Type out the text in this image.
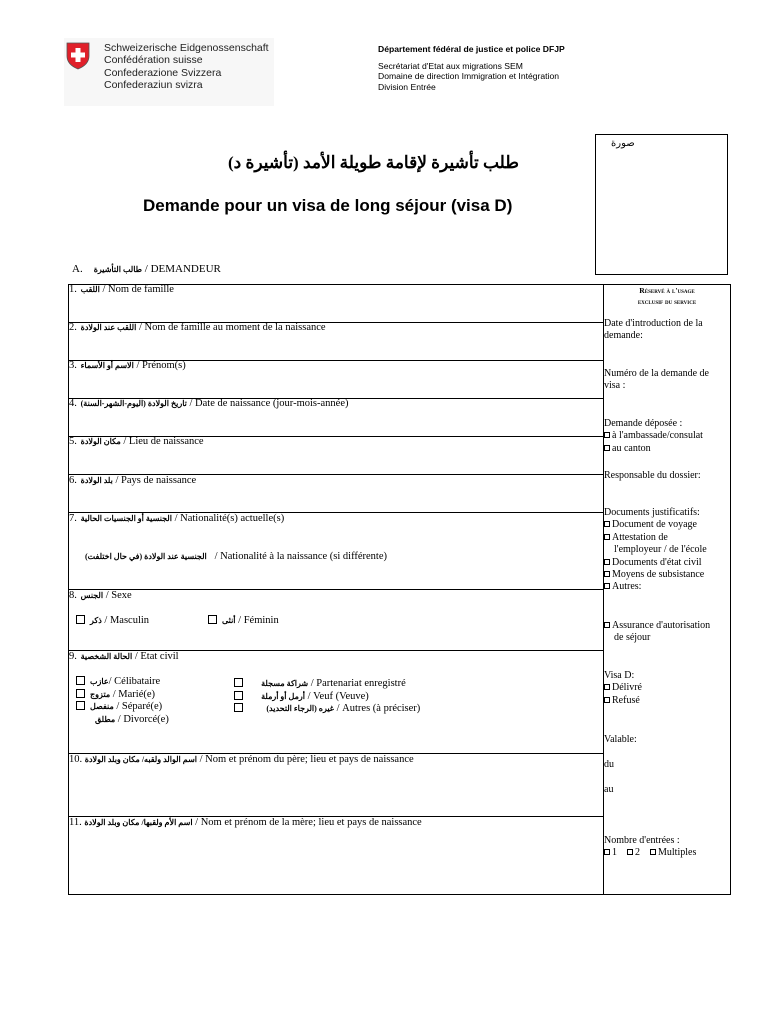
Schweizerische Eidgenossenschaft
Confédération suisse
Confederazione Svizzera
Confederaziun svizra
Département fédéral de justice et police DFJP
Secrétariat d'Etat aux migrations SEM
Domaine de direction Immigration et Intégration
Division Entrée
صورة
طلب تأشيرة لإقامة طويلة الأمد (تأشيرة د)
Demande pour un visa de long séjour (visa D)
A. طالب التأشيرة / DEMANDEUR
1. اللقب / Nom de famille
2. اللقب عند الولادة / Nom de famille au moment de la naissance
3. الاسم أو الأسماء / Prénom(s)
4. تاريخ الولادة (اليوم-الشهر-السنة) / Date de naissance (jour-mois-année)
5. مكان الولادة / Lieu de naissance
6. بلد الولادة / Pays de naissance
7. الجنسية أو الجنسيات الحالية / Nationalité(s) actuelle(s)
الجنسية عند الولادة (في حال اختلفت) / Nationalité à la naissance (si différente)
8. الجنس / Sexe
ذكر / Masculin	أنثى / Féminin
9. الحالة الشخصية / Etat civil
عازب/ Célibataire
متزوج / Marié(e)
منفصل / Séparé(e)
مطلق / Divorcé(e)
شراكة مسجلة / Partenariat enregistré
أرمل أو أرملة / Veuf (Veuve)
غيره (الرجاء التحديد) / Autres (à préciser)
10. اسم الوالد ولقبه/ مكان وبلد الولادة / Nom et prénom du père; lieu et pays de naissance
11. اسم الأم ولقبها/ مكان وبلد الولادة / Nom et prénom de la mère; lieu et pays de naissance
Réservé à l'usage
exclusif du service
Date d'introduction de la
demande:
Numéro de la demande de
visa :
Demande déposée :
à l'ambassade/consulat
au canton
Responsable du dossier:
Documents justificatifs:
Document de voyage
Attestation de
l'employeur / de l'école
Documents d'état civil
Moyens de subsistance
Autres:
Assurance d'autorisation
de séjour
Visa D:
Délivré
Refusé
Valable:
du
au
Nombre d'entrées :
1 2 Multiples
